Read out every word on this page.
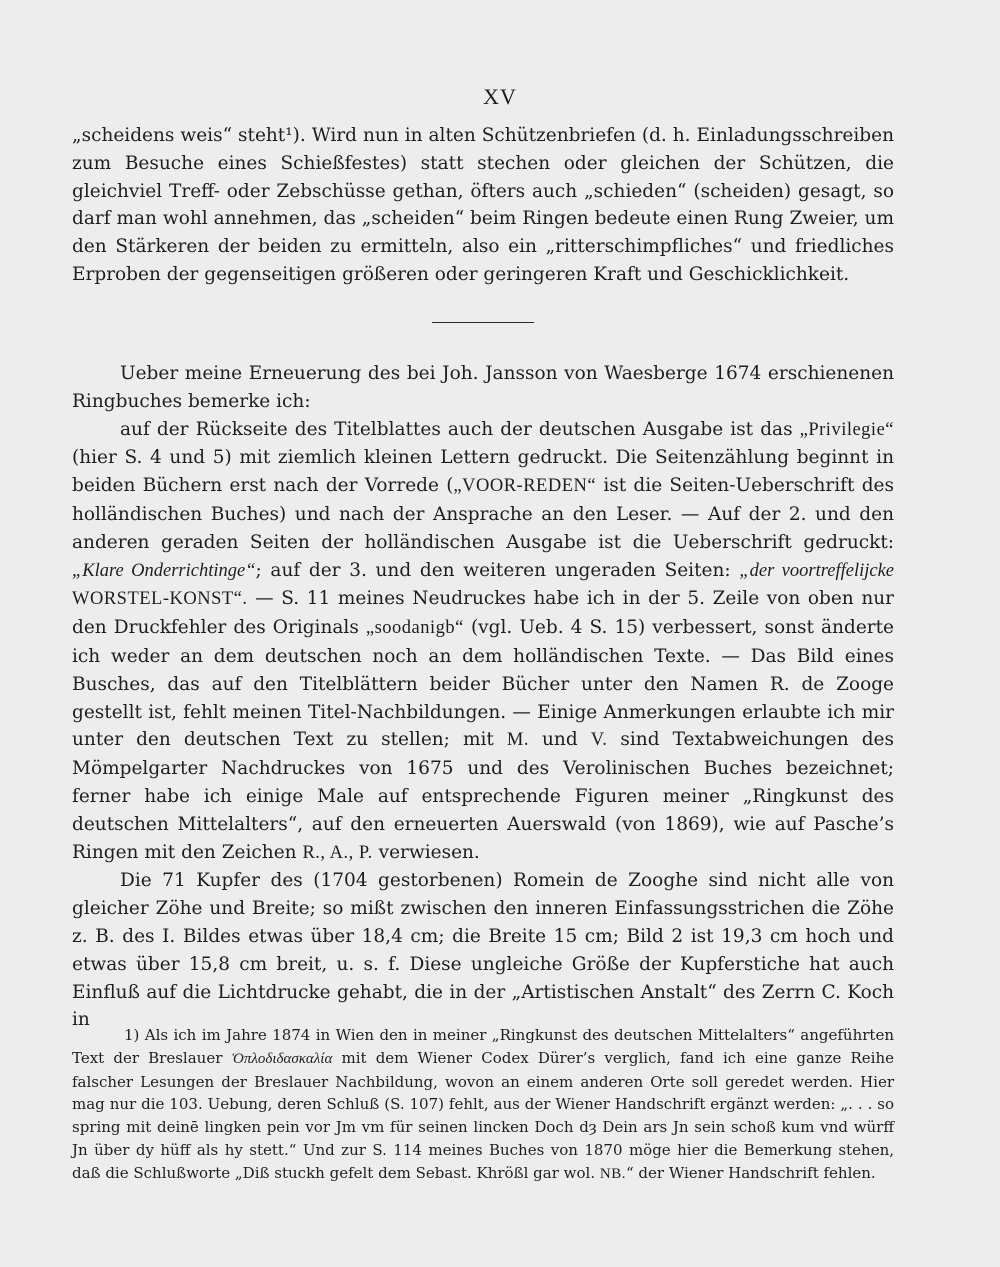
XV
„scheidens weis“ steht¹). Wird nun in alten Schützenbriefen (d. h. Einladungsschreiben zum Besuche eines Schießfestes) statt stechen oder gleichen der Schützen, die gleichviel Treff- oder Zebschüsse gethan, öfters auch „schieden“ (scheiden) gesagt, so darf man wohl annehmen, das „scheiden“ beim Ringen bedeute einen Rung Zweier, um den Stärkeren der beiden zu ermitteln, also ein „ritterschimpfliches“ und friedliches Erproben der gegenseitigen größeren oder geringeren Kraft und Geschicklichkeit.

Ueber meine Erneuerung des bei Joh. Jansson von Waesberge 1674 erschienenen Ringbuches bemerke ich:

auf der Rückseite des Titelblattes auch der deutschen Ausgabe ist das „Privilegie“ (hier S. 4 und 5) mit ziemlich kleinen Lettern gedruckt. Die Seitenzählung beginnt in beiden Büchern erst nach der Vorrede („VOOR-REDEN“ ist die Seiten-Ueberschrift des holländischen Buches) und nach der Ansprache an den Leser. — Auf der 2. und den anderen geraden Seiten der holländischen Ausgabe ist die Ueberschrift gedruckt: „Klare Onderrichtinge“; auf der 3. und den weiteren ungeraden Seiten: „der voortreffelijcke WORSTEL-KONST“. — S. 11 meines Neudruckes habe ich in der 5. Zeile von oben nur den Druckfehler des Originals „soodanigb“ (vgl. Ueb. 4 S. 15) verbessert, sonst änderte ich weder an dem deutschen noch an dem holländischen Texte. — Das Bild eines Busches, das auf den Titelblättern beider Bücher unter den Namen R. de Zooge gestellt ist, fehlt meinen Titel-Nachbildungen. — Einige Anmerkungen erlaubte ich mir unter den deutschen Text zu stellen; mit M. und V. sind Textabweichungen des Mömpelgarter Nachdruckes von 1675 und des Verolinischen Buches bezeichnet; ferner habe ich einige Male auf entsprechende Figuren meiner „Ringkunst des deutschen Mittelalters“, auf den erneuerten Auerswald (von 1869), wie auf Pasche’s Ringen mit den Zeichen R., A., P. verwiesen.

Die 71 Kupfer des (1704 gestorbenen) Romein de Zooghe sind nicht alle von gleicher Zöhe und Breite; so mißt zwischen den inneren Einfassungsstrichen die Zöhe z. B. des I. Bildes etwas über 18,4 cm; die Breite 15 cm; Bild 2 ist 19,3 cm hoch und etwas über 15,8 cm breit, u. s. f. Diese ungleiche Größe der Kupferstiche hat auch Einfluß auf die Lichtdrucke gehabt, die in der „Artistischen Anstalt“ des Zerrn C. Koch in

1) Als ich im Jahre 1874 in Wien den in meiner „Ringkunst des deutschen Mittelalters“ angeführten Text der Breslauer Ὁπλοδιδασκαλία mit dem Wiener Codex Dürer’s verglich, fand ich eine ganze Reihe falscher Lesungen der Breslauer Nachbildung, wovon an einem anderen Orte soll geredet werden. Hier mag nur die 103. Uebung, deren Schluß (S. 107) fehlt, aus der Wiener Handschrift ergänzt werden: „. . . so spring mit deinē lingken pein vor Jm vm für seinen lincken Doch dȝ Dein ars Jn sein schoß kum vnd würff Jn über dy hüff als hy stett.“ Und zur S. 114 meines Buches von 1870 möge hier die Bemerkung stehen, daß die Schlußworte „Diß stuckh gefelt dem Sebast. Khrößl gar wol. NB.“ der Wiener Handschrift fehlen.
